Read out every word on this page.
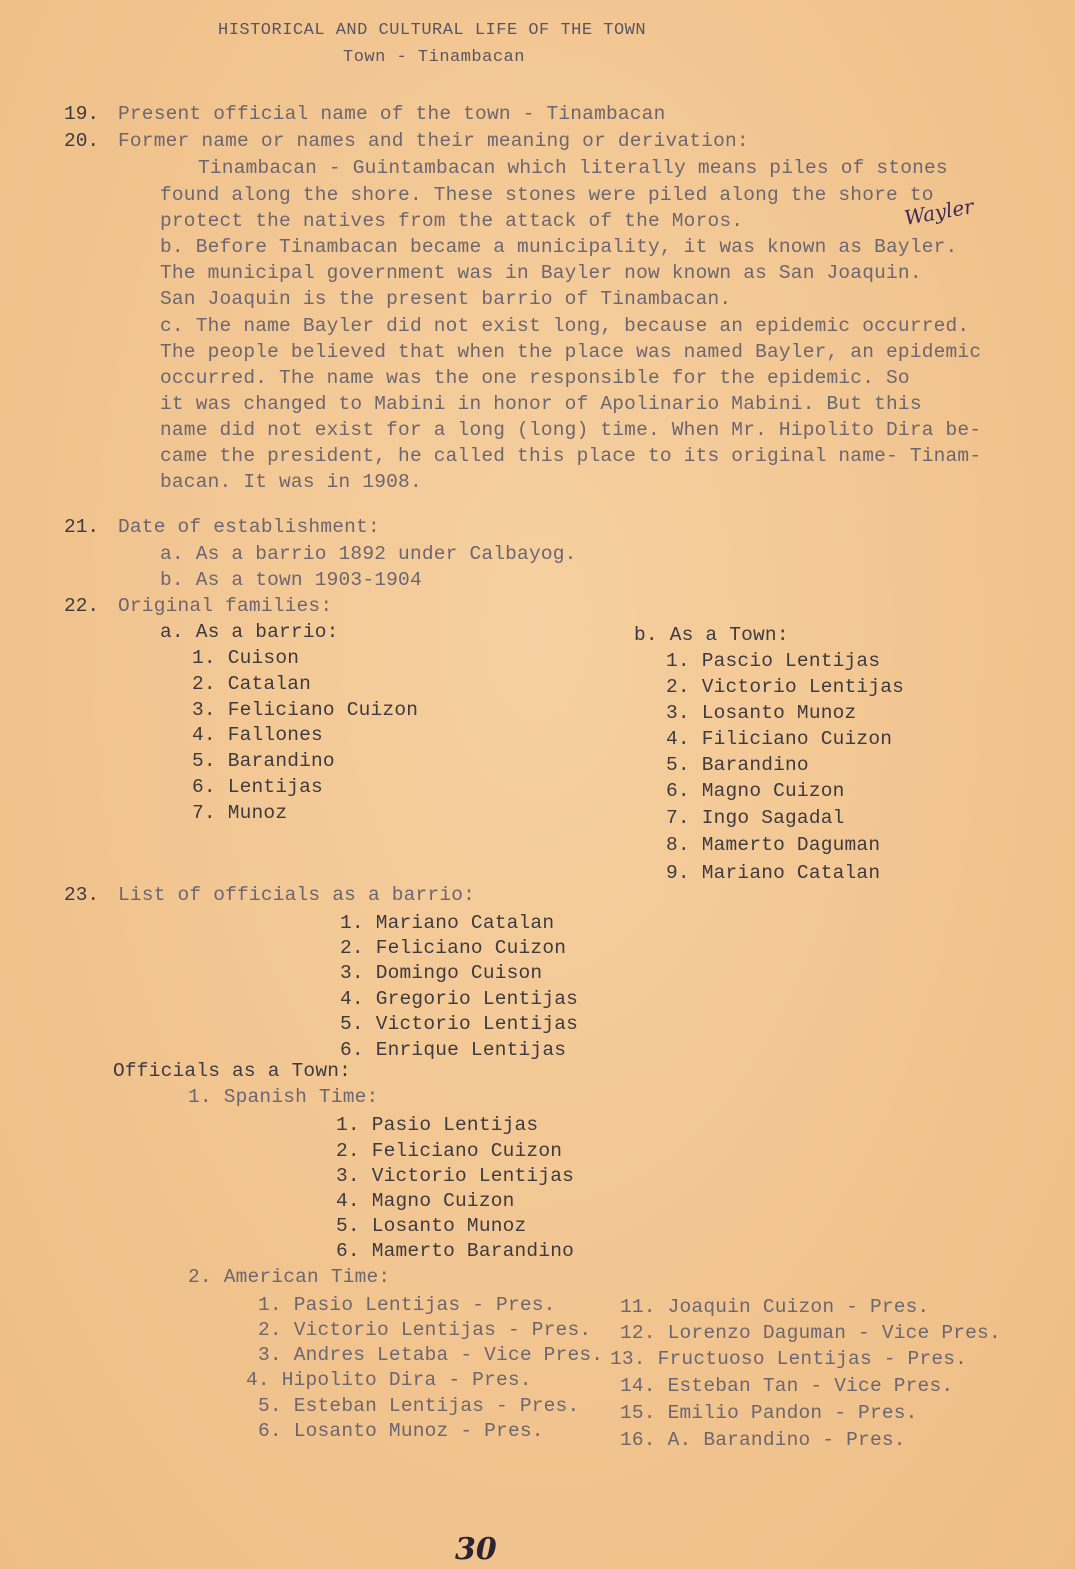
HISTORICAL AND CULTURAL LIFE OF THE TOWN
Town - Tinambacan
19. Present official name of the town - Tinambacan
20. Former name or names and their meaning or derivation:
Tinambacan - Guintambacan which literally means piles of stones
found along the shore. These stones were piled along the shore to
protect the natives from the attack of the Moros.	Wayler
b. Before Tinambacan became a municipality, it was known as Bayler.
The municipal government was in Bayler now known as San Joaquin.
San Joaquin is the present barrio of Tinambacan.
c. The name Bayler did not exist long, because an epidemic occurred.
The people believed that when the place was named Bayler, an epidemic
occurred. The name was the one responsible for the epidemic. So
it was changed to Mabini in honor of Apolinario Mabini. But this
name did not exist for a long (long) time. When Mr. Hipolito Dira be-
came the president, he called this place to its original name- Tinam-
bacan. It was in 1908.
21. Date of establishment:
a. As a barrio 1892 under Calbayog.
b. As a town 1903-1904
22. Original families:
a. As a barrio:
1. Cuison
2. Catalan
3. Feliciano Cuizon
4. Fallones
5. Barandino
6. Lentijas
7. Munoz
b. As a Town:
1. Pascio Lentijas
2. Victorio Lentijas
3. Losanto Munoz
4. Filiciano Cuizon
5. Barandino
6. Magno Cuizon
7. Ingo Sagadal
8. Mamerto Daguman
9. Mariano Catalan
23. List of officials as a barrio:
1. Mariano Catalan
2. Feliciano Cuizon
3. Domingo Cuison
4. Gregorio Lentijas
5. Victorio Lentijas
6. Enrique Lentijas
Officials as a Town:
1. Spanish Time:
1. Pasio Lentijas
2. Feliciano Cuizon
3. Victorio Lentijas
4. Magno Cuizon
5. Losanto Munoz
6. Mamerto Barandino
2. American Time:
1. Pasio Lentijas - Pres.
2. Victorio Lentijas - Pres.
3. Andres Letaba - Vice Pres.
4. Hipolito Dira - Pres.
5. Esteban Lentijas - Pres.
6. Losanto Munoz - Pres.
11. Joaquin Cuizon - Pres.
12. Lorenzo Daguman - Vice Pres.
13. Fructuoso Lentijas - Pres.
14. Esteban Tan - Vice Pres.
15. Emilio Pandon - Pres.
16. A. Barandino - Pres.
30
